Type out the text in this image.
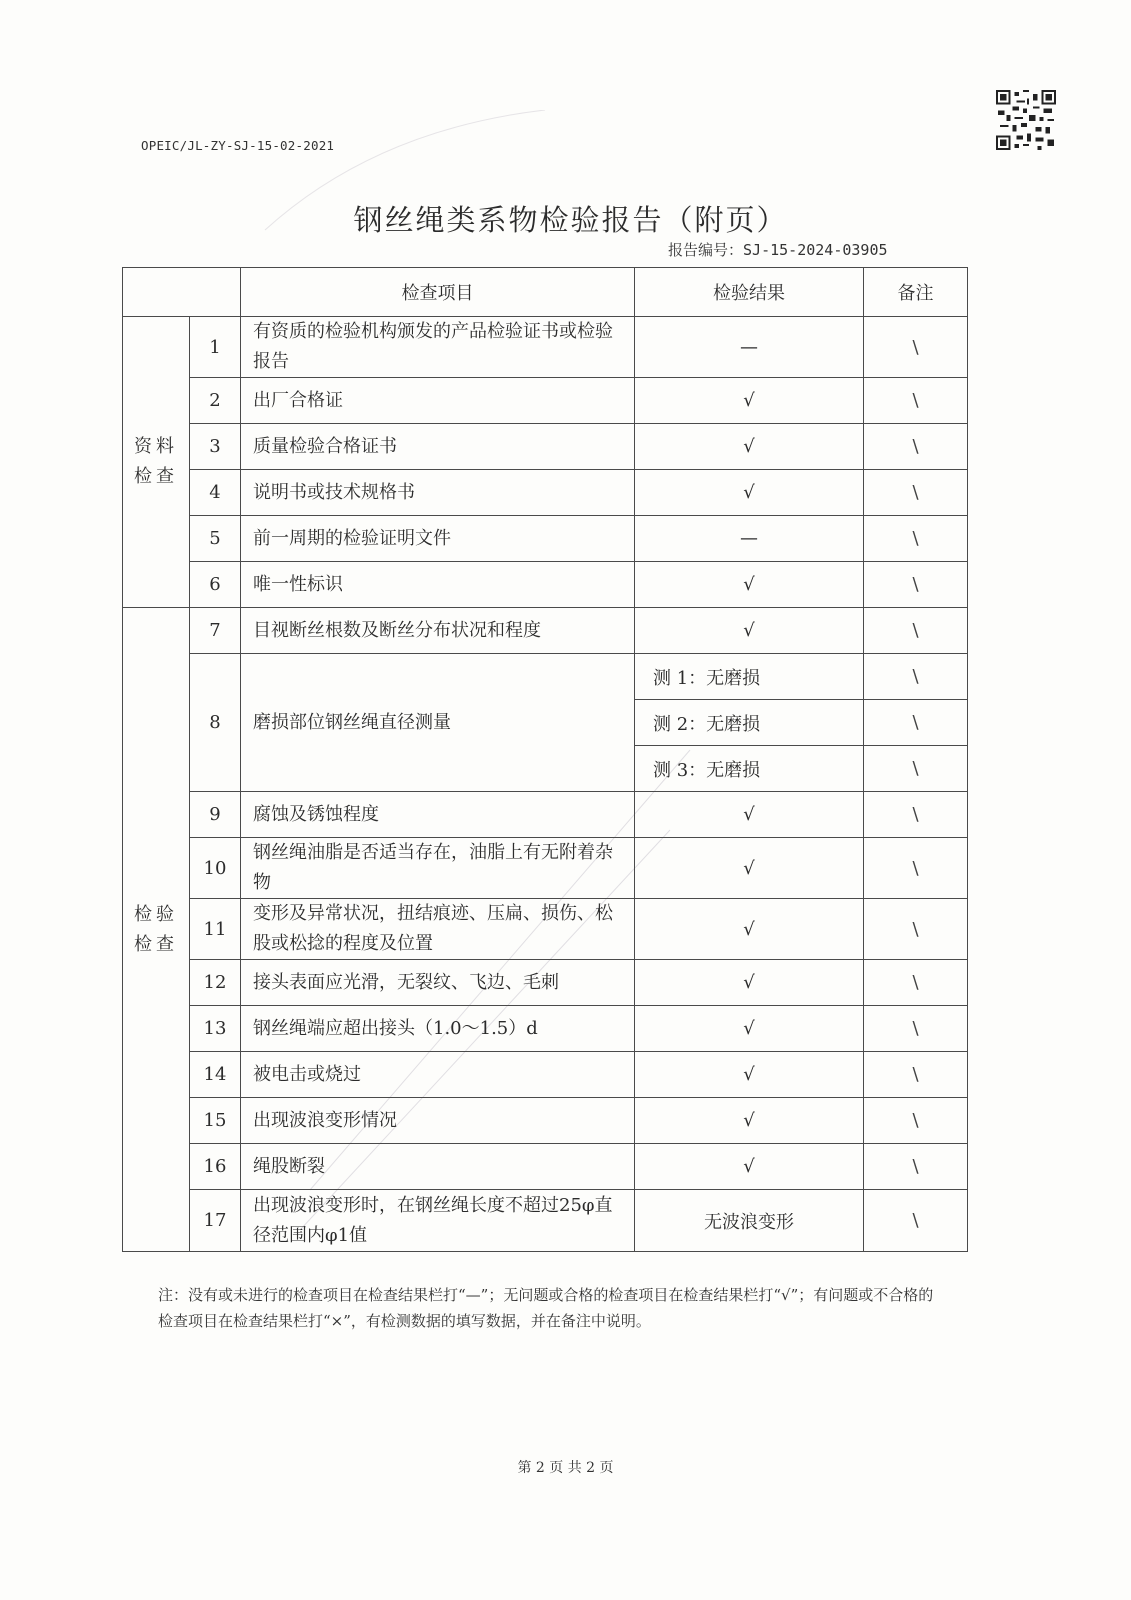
OPEIC/JL-ZY-SJ-15-02-2021
钢丝绳类系物检验报告（附页）
报告编号：SJ-15-2024-03905
		检查项目	检验结果	备注
资料检查	1	有资质的检验机构颁发的产品检验证书或检验报告	—	\
	2	出厂合格证	√	\
	3	质量检验合格证书	√	\
	4	说明书或技术规格书	√	\
	5	前一周期的检验证明文件	—	\
	6	唯一性标识	√	\
检验检查	7	目视断丝根数及断丝分布状况和程度	√	\
	8	磨损部位钢丝绳直径测量	测 1：无磨损	\
			测 2：无磨损	\
			测 3：无磨损	\
	9	腐蚀及锈蚀程度	√	\
	10	钢丝绳油脂是否适当存在，油脂上有无附着杂物	√	\
	11	变形及异常状况，扭结痕迹、压扁、损伤、松股或松捻的程度及位置	√	\
	12	接头表面应光滑，无裂纹、飞边、毛刺	√	\
	13	钢丝绳端应超出接头（1.0～1.5）d	√	\
	14	被电击或烧过	√	\
	15	出现波浪变形情况	√	\
	16	绳股断裂	√	\
	17	出现波浪变形时，在钢丝绳长度不超过25φ直径范围内φ1值	无波浪变形	\
注：没有或未进行的检查项目在检查结果栏打“—”；无问题或合格的检查项目在检查结果栏打“√”；有问题或不合格的检查项目在检查结果栏打“×”，有检测数据的填写数据，并在备注中说明。
第 2 页 共 2 页
